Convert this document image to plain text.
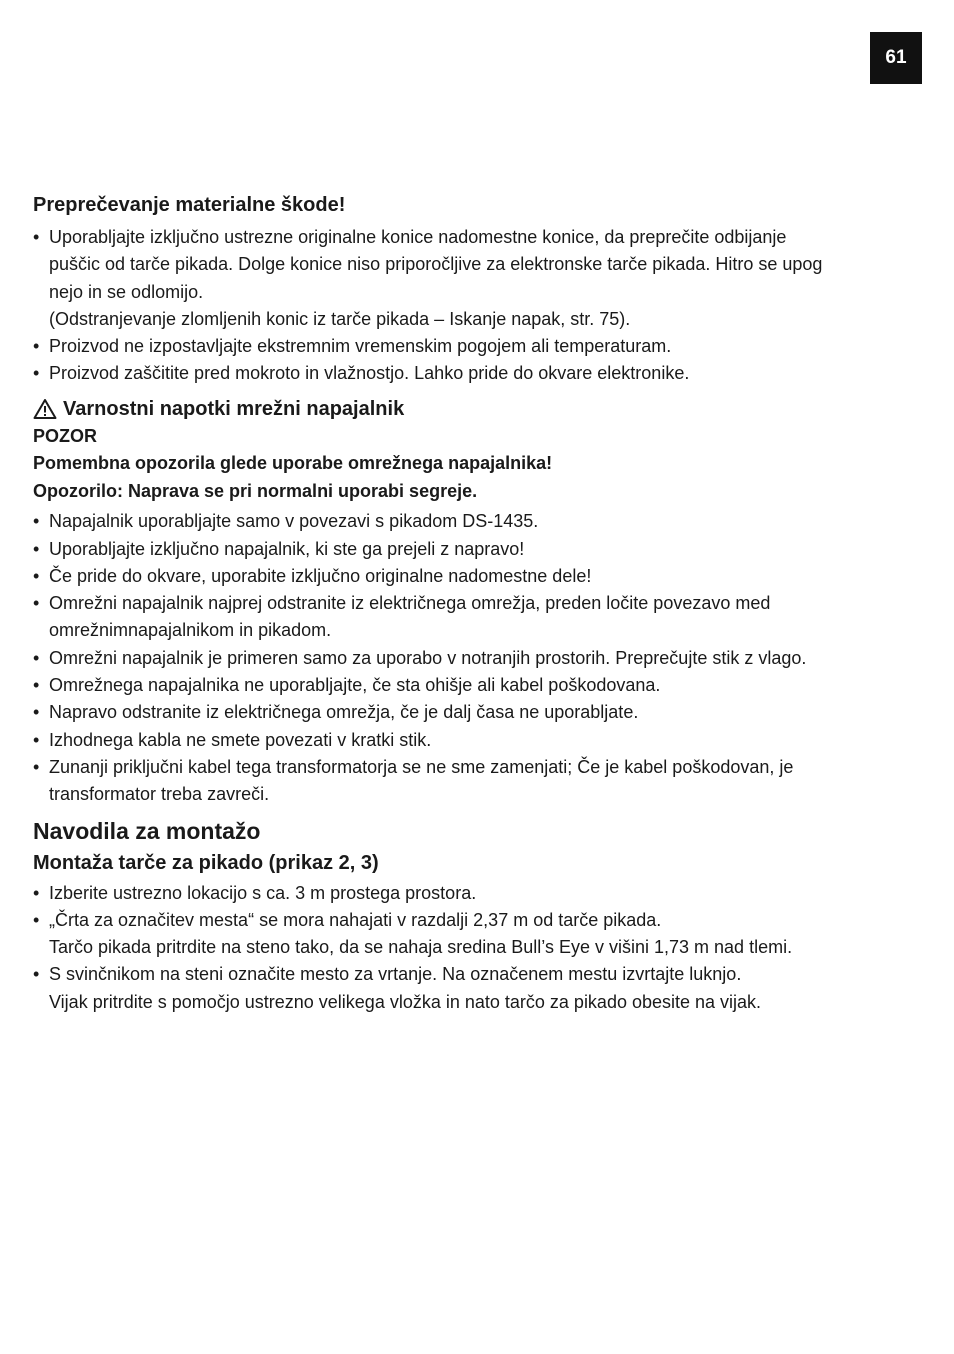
61
Preprečevanje materialne škode!
• Uporabljajte izključno ustrezne originalne konice nadomestne konice, da preprečite odbijanje
puščic od tarče pikada. Dolge konice niso priporočljive za elektronske tarče pikada. Hitro se upog
nejo in se odlomijo.
(Odstranjevanje zlomljenih konic iz tarče pikada – Iskanje napak, str. 75).
• Proizvod ne izpostavljajte ekstremnim vremenskim pogojem ali temperaturam.
• Proizvod zaščitite pred mokroto in vlažnostjo. Lahko pride do okvare elektronike.
Varnostni napotki mrežni napajalnik
POZOR
Pomembna opozorila glede uporabe omrežnega napajalnika!
Opozorilo: Naprava se pri normalni uporabi segreje.
• Napajalnik uporabljajte samo v povezavi s pikadom DS-1435.
• Uporabljajte izključno napajalnik, ki ste ga prejeli z napravo!
• Če pride do okvare, uporabite izključno originalne nadomestne dele!
• Omrežni napajalnik najprej odstranite iz električnega omrežja, preden ločite povezavo med
omrežnimnapajalnikom in pikadom.
• Omrežni napajalnik je primeren samo za uporabo v notranjih prostorih. Preprečujte stik z vlago.
• Omrežnega napajalnika ne uporabljajte, če sta ohišje ali kabel poškodovana.
• Napravo odstranite iz električnega omrežja, če je dalj časa ne uporabljate.
• Izhodnega kabla ne smete povezati v kratki stik.
• Zunanji priključni kabel tega transformatorja se ne sme zamenjati; Če je kabel poškodovan, je
transformator treba zavreči.
Navodila za montažo
Montaža tarče za pikado (prikaz 2, 3)
• Izberite ustrezno lokacijo s ca. 3 m prostega prostora.
• „Črta za označitev mesta“ se mora nahajati v razdalji 2,37 m od tarče pikada.
Tarčo pikada pritrdite na steno tako, da se nahaja sredina Bull’s Eye v višini 1,73 m nad tlemi.
• S svinčnikom na steni označite mesto za vrtanje. Na označenem mestu izvrtajte luknjo.
Vijak pritrdite s pomočjo ustrezno velikega vložka in nato tarčo za pikado obesite na vijak.
